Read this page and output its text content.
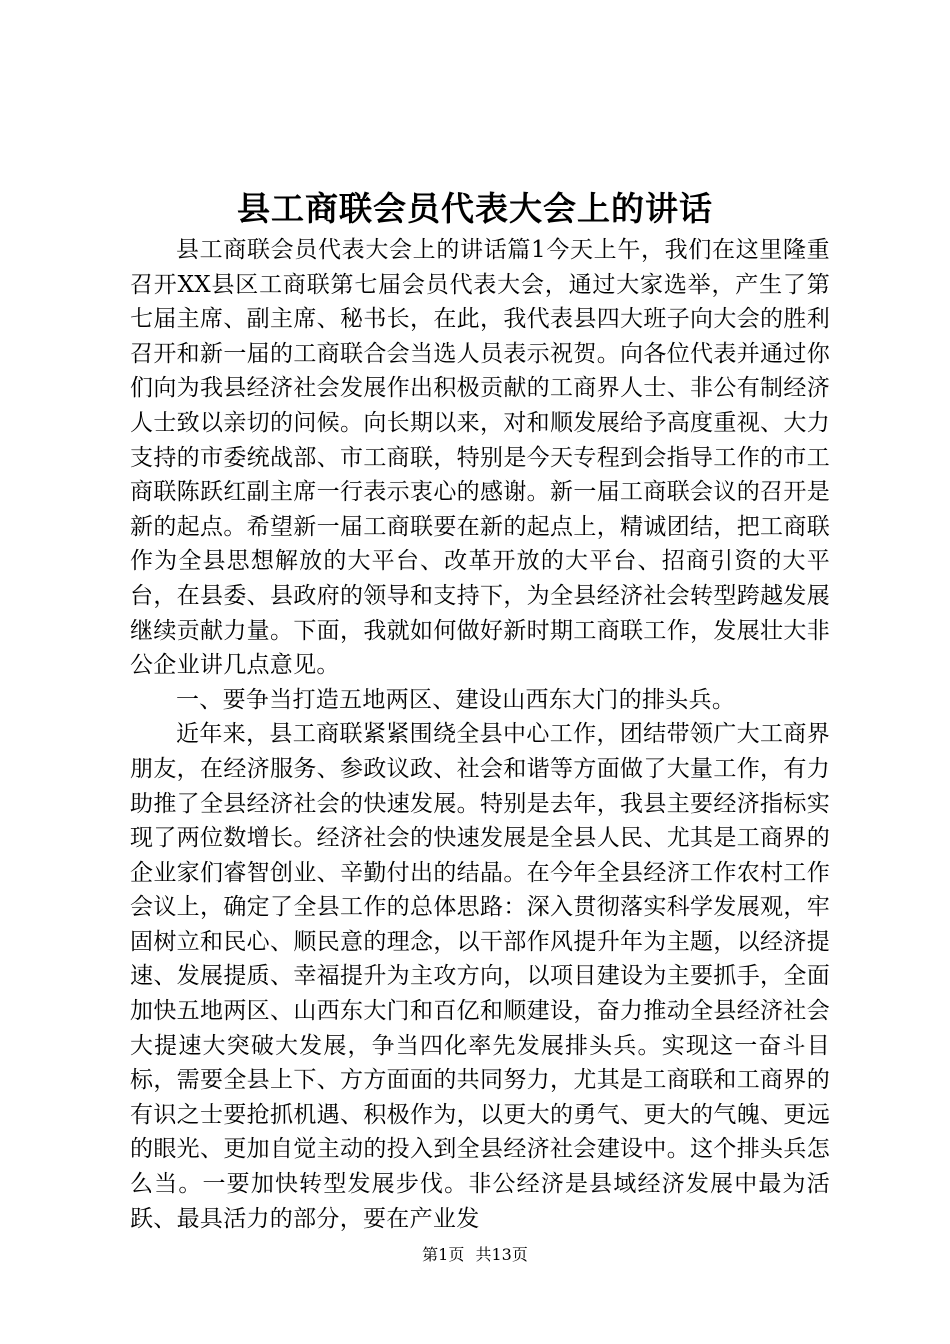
县工商联会员代表大会上的讲话

县工商联会员代表大会上的讲话篇1今天上午，我们在这里隆重召开XX县区工商联第七届会员代表大会，通过大家选举，产生了第七届主席、副主席、秘书长，在此，我代表县四大班子向大会的胜利召开和新一届的工商联合会当选人员表示祝贺。向各位代表并通过你们向为我县经济社会发展作出积极贡献的工商界人士、非公有制经济人士致以亲切的问候。向长期以来，对和顺发展给予高度重视、大力支持的市委统战部、市工商联，特别是今天专程到会指导工作的市工商联陈跃红副主席一行表示衷心的感谢。新一届工商联会议的召开是新的起点。希望新一届工商联要在新的起点上，精诚团结，把工商联作为全县思想解放的大平台、改革开放的大平台、招商引资的大平台，在县委、县政府的领导和支持下，为全县经济社会转型跨越发展继续贡献力量。下面，我就如何做好新时期工商联工作，发展壮大非公企业讲几点意见。

一、要争当打造五地两区、建设山西东大门的排头兵。

近年来，县工商联紧紧围绕全县中心工作，团结带领广大工商界朋友，在经济服务、参政议政、社会和谐等方面做了大量工作，有力助推了全县经济社会的快速发展。特别是去年，我县主要经济指标实现了两位数增长。经济社会的快速发展是全县人民、尤其是工商界的企业家们睿智创业、辛勤付出的结晶。在今年全县经济工作农村工作会议上，确定了全县工作的总体思路：深入贯彻落实科学发展观，牢固树立和民心、顺民意的理念，以干部作风提升年为主题，以经济提速、发展提质、幸福提升为主攻方向，以项目建设为主要抓手，全面加快五地两区、山西东大门和百亿和顺建设，奋力推动全县经济社会大提速大突破大发展，争当四化率先发展排头兵。实现这一奋斗目标，需要全县上下、方方面面的共同努力，尤其是工商联和工商界的有识之士要抢抓机遇、积极作为，以更大的勇气、更大的气魄、更远的眼光、更加自觉主动的投入到全县经济社会建设中。这个排头兵怎么当。一要加快转型发展步伐。非公经济是县域经济发展中最为活跃、最具活力的部分，要在产业发

第1页 共13页
